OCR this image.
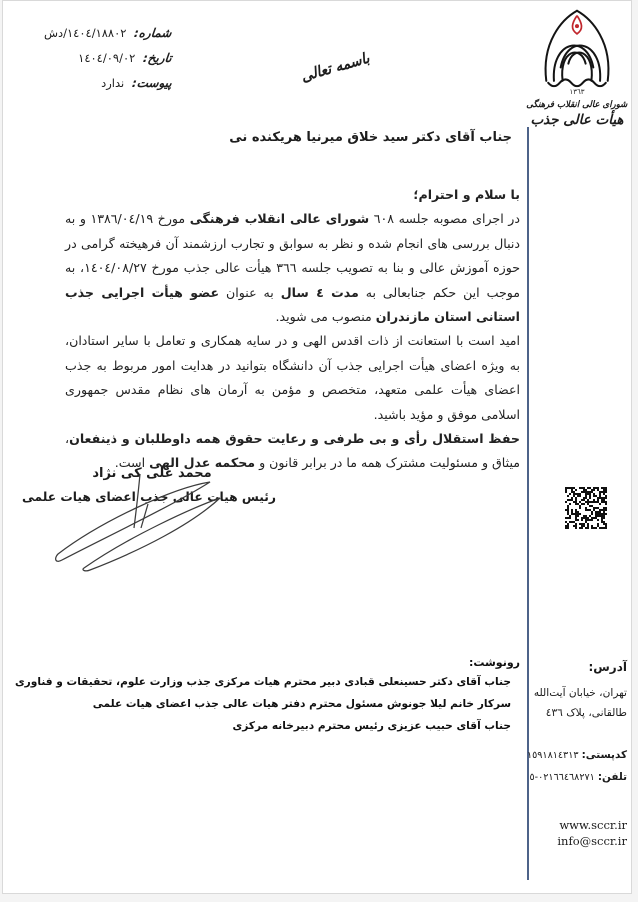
شماره:
١٤٠٤/١٨٨٠٢/دش
تاریخ:
١٤٠٤/٠٩/٠٢
پیوست:
ندارد	باسمه تعالی
١٣٦٣
شورای عالی انقلاب فرهنگی
هیأت عالی جذب
جناب آقای دکتر سید خلاق میرنیا هریکنده نی

با سلام و احترام؛

در اجرای مصوبه جلسه ٦٠٨ شورای عالی انقلاب فرهنگی مورخ ١٣٨٦/٠٤/١٩ و به دنبال بررسی های انجام شده و نظر به سوابق و تجارب ارزشمند آن فرهیخته گرامی در حوزه آموزش عالی و بنا به تصویب جلسه ٣٦٦ هیأت عالی جذب مورخ ١٤٠٤/٠٨/٢٧، به موجب این حکم جنابعالی به مدت ٤ سال به عنوان عضو هیأت اجرایی جذب استانی استان مازندران منصوب می شوید.

امید است با استعانت از ذات اقدس الهی و در سایه همکاری و تعامل با سایر استادان، به ویژه اعضای هیأت اجرایی جذب آن دانشگاه بتوانید در هدایت امور مربوط به جذب اعضای هیأت علمی متعهد، متخصص و مؤمن به آرمان های نظام مقدس جمهوری اسلامی موفق و مؤید باشید.

حفظ استقلال رأی و بی طرفی و رعایت حقوق همه داوطلبان و ذینفعان، میثاق و مسئولیت مشترک همه ما در برابر قانون و محکمه عدل الهی است.

محمد علی کی نژاد
رئیس هیات عالی جذب اعضای هیات علمی
رونوشت:
جناب آقای دکتر حسینعلی قبادی دبیر محترم هیات مرکزی جذب وزارت علوم، تحقیقات و فناوری
سرکار خانم لیلا جونوش مسئول محترم دفتر هیات عالی جذب اعضای هیات علمی
جناب آقای حبیب عزیزی رئیس محترم دبیرخانه مرکزی
آدرس:
تهران، خیابان آیت‌الله
طالقانی، پلاک ٤٣٦
کدپستی: ١٥٩١٨١٤٣١٣
تلفن: ٠٢١٦٦٤٦٨٢٧١-٥
www.sccr.ir
info@sccr.ir
